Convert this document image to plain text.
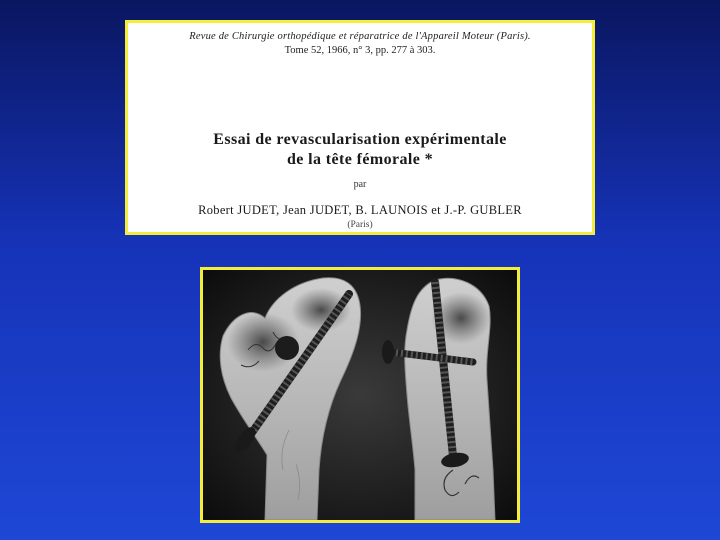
Revue de Chirurgie orthopédique et réparatrice de l'Appareil Moteur (Paris).
Tome 52, 1966, n° 3, pp. 277 à 303.
Essai de revascularisation expérimentale
de la tête fémorale *
par
Robert JUDET, Jean JUDET, B. LAUNOIS et J.-P. GUBLER
(Paris)
